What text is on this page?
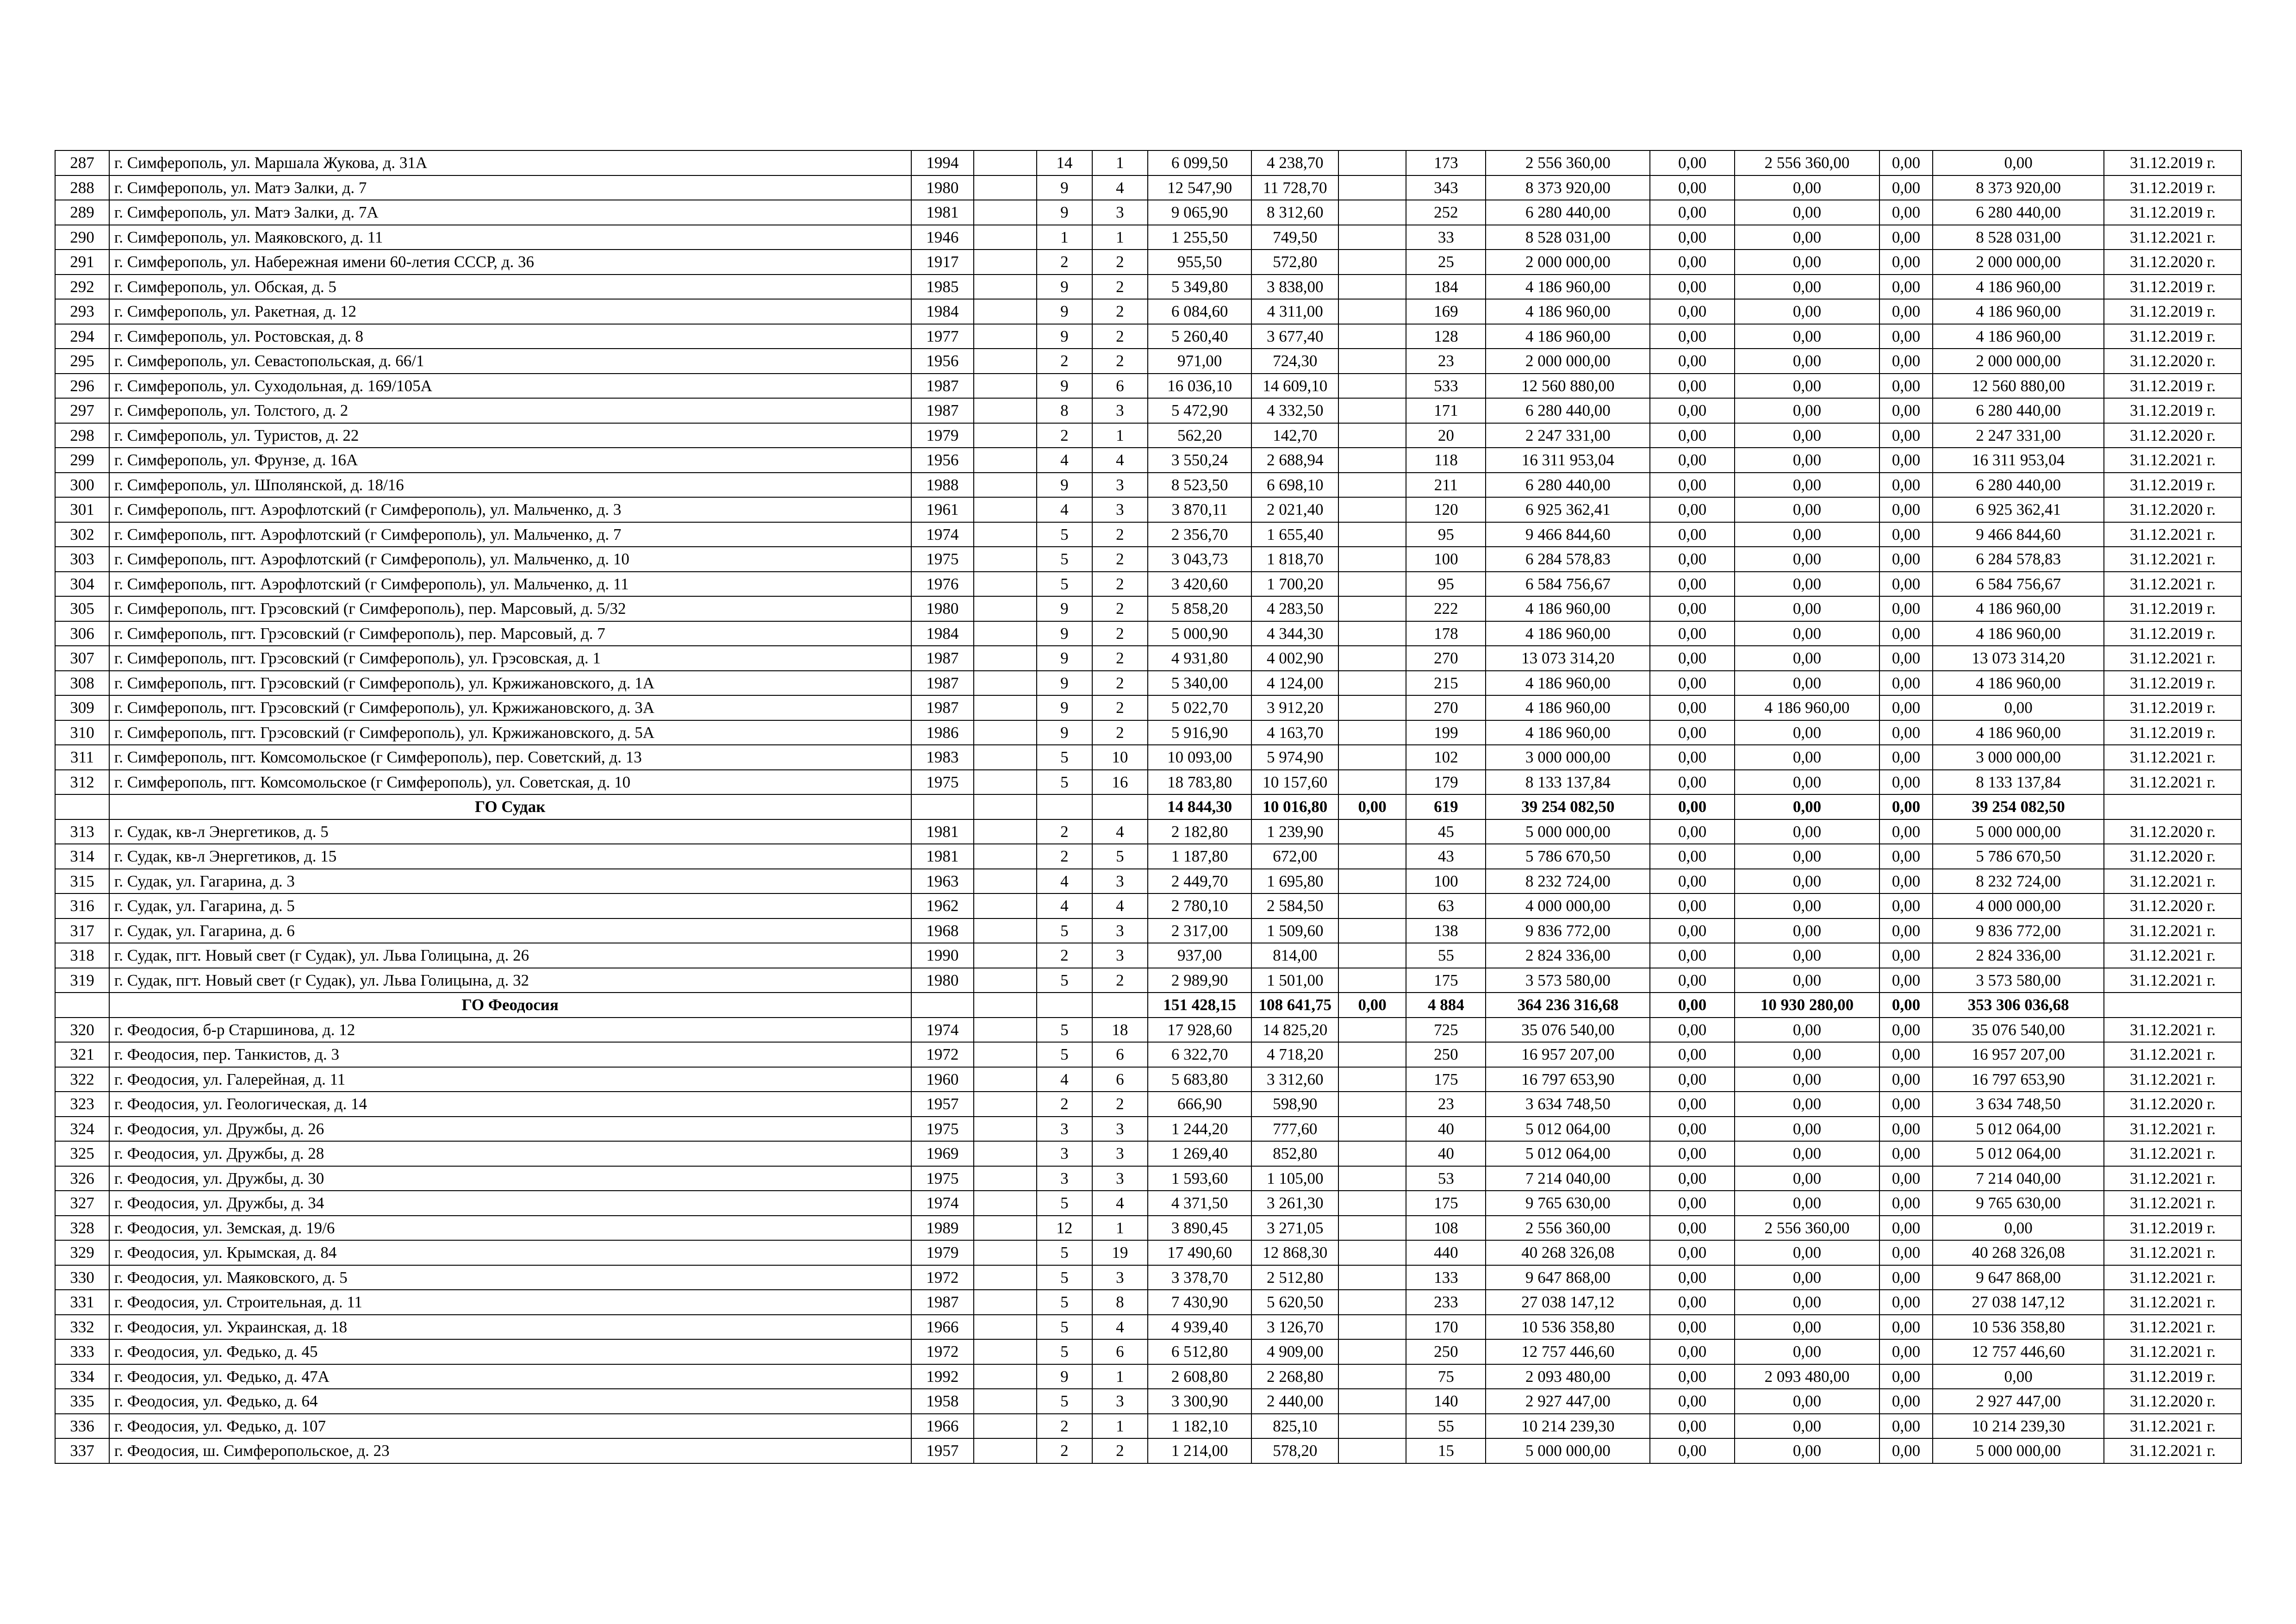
287	г. Симферополь, ул. Маршала Жукова, д. 31А	1994		14	1	6 099,50	4 238,70		173	2 556 360,00	0,00	2 556 360,00	0,00	0,00	31.12.2019 г.
288	г. Симферополь, ул. Матэ Залки, д. 7	1980		9	4	12 547,90	11 728,70		343	8 373 920,00	0,00	0,00	0,00	8 373 920,00	31.12.2019 г.
289	г. Симферополь, ул. Матэ Залки, д. 7А	1981		9	3	9 065,90	8 312,60		252	6 280 440,00	0,00	0,00	0,00	6 280 440,00	31.12.2019 г.
290	г. Симферополь, ул. Маяковского, д. 11	1946		1	1	1 255,50	749,50		33	8 528 031,00	0,00	0,00	0,00	8 528 031,00	31.12.2021 г.
291	г. Симферополь, ул. Набережная имени 60-летия СССР, д. 36	1917		2	2	955,50	572,80		25	2 000 000,00	0,00	0,00	0,00	2 000 000,00	31.12.2020 г.
292	г. Симферополь, ул. Обская, д. 5	1985		9	2	5 349,80	3 838,00		184	4 186 960,00	0,00	0,00	0,00	4 186 960,00	31.12.2019 г.
293	г. Симферополь, ул. Ракетная, д. 12	1984		9	2	6 084,60	4 311,00		169	4 186 960,00	0,00	0,00	0,00	4 186 960,00	31.12.2019 г.
294	г. Симферополь, ул. Ростовская, д. 8	1977		9	2	5 260,40	3 677,40		128	4 186 960,00	0,00	0,00	0,00	4 186 960,00	31.12.2019 г.
295	г. Симферополь, ул. Севастопольская, д. 66/1	1956		2	2	971,00	724,30		23	2 000 000,00	0,00	0,00	0,00	2 000 000,00	31.12.2020 г.
296	г. Симферополь, ул. Суходольная, д. 169/105А	1987		9	6	16 036,10	14 609,10		533	12 560 880,00	0,00	0,00	0,00	12 560 880,00	31.12.2019 г.
297	г. Симферополь, ул. Толстого, д. 2	1987		8	3	5 472,90	4 332,50		171	6 280 440,00	0,00	0,00	0,00	6 280 440,00	31.12.2019 г.
298	г. Симферополь, ул. Туристов, д. 22	1979		2	1	562,20	142,70		20	2 247 331,00	0,00	0,00	0,00	2 247 331,00	31.12.2020 г.
299	г. Симферополь, ул. Фрунзе, д. 16А	1956		4	4	3 550,24	2 688,94		118	16 311 953,04	0,00	0,00	0,00	16 311 953,04	31.12.2021 г.
300	г. Симферополь, ул. Шполянской, д. 18/16	1988		9	3	8 523,50	6 698,10		211	6 280 440,00	0,00	0,00	0,00	6 280 440,00	31.12.2019 г.
301	г. Симферополь, пгт. Аэрофлотский (г Симферополь), ул. Мальченко, д. 3	1961		4	3	3 870,11	2 021,40		120	6 925 362,41	0,00	0,00	0,00	6 925 362,41	31.12.2020 г.
302	г. Симферополь, пгт. Аэрофлотский (г Симферополь), ул. Мальченко, д. 7	1974		5	2	2 356,70	1 655,40		95	9 466 844,60	0,00	0,00	0,00	9 466 844,60	31.12.2021 г.
303	г. Симферополь, пгт. Аэрофлотский (г Симферополь), ул. Мальченко, д. 10	1975		5	2	3 043,73	1 818,70		100	6 284 578,83	0,00	0,00	0,00	6 284 578,83	31.12.2021 г.
304	г. Симферополь, пгт. Аэрофлотский (г Симферополь), ул. Мальченко, д. 11	1976		5	2	3 420,60	1 700,20		95	6 584 756,67	0,00	0,00	0,00	6 584 756,67	31.12.2021 г.
305	г. Симферополь, пгт. Грэсовский (г Симферополь), пер. Марсовый, д. 5/32	1980		9	2	5 858,20	4 283,50		222	4 186 960,00	0,00	0,00	0,00	4 186 960,00	31.12.2019 г.
306	г. Симферополь, пгт. Грэсовский (г Симферополь), пер. Марсовый, д. 7	1984		9	2	5 000,90	4 344,30		178	4 186 960,00	0,00	0,00	0,00	4 186 960,00	31.12.2019 г.
307	г. Симферополь, пгт. Грэсовский (г Симферополь), ул. Грэсовская, д. 1	1987		9	2	4 931,80	4 002,90		270	13 073 314,20	0,00	0,00	0,00	13 073 314,20	31.12.2021 г.
308	г. Симферополь, пгт. Грэсовский (г Симферополь), ул. Кржижановского, д. 1А	1987		9	2	5 340,00	4 124,00		215	4 186 960,00	0,00	0,00	0,00	4 186 960,00	31.12.2019 г.
309	г. Симферополь, пгт. Грэсовский (г Симферополь), ул. Кржижановского, д. 3А	1987		9	2	5 022,70	3 912,20		270	4 186 960,00	0,00	4 186 960,00	0,00	0,00	31.12.2019 г.
310	г. Симферополь, пгт. Грэсовский (г Симферополь), ул. Кржижановского, д. 5А	1986		9	2	5 916,90	4 163,70		199	4 186 960,00	0,00	0,00	0,00	4 186 960,00	31.12.2019 г.
311	г. Симферополь, пгт. Комсомольское (г Симферополь), пер. Советский, д. 13	1983		5	10	10 093,00	5 974,90		102	3 000 000,00	0,00	0,00	0,00	3 000 000,00	31.12.2021 г.
312	г. Симферополь, пгт. Комсомольское (г Симферополь), ул. Советская, д. 10	1975		5	16	18 783,80	10 157,60		179	8 133 137,84	0,00	0,00	0,00	8 133 137,84	31.12.2021 г.
	ГО Судак					14 844,30	10 016,80	0,00	619	39 254 082,50	0,00	0,00	0,00	39 254 082,50	
313	г. Судак, кв-л Энергетиков, д. 5	1981		2	4	2 182,80	1 239,90		45	5 000 000,00	0,00	0,00	0,00	5 000 000,00	31.12.2020 г.
314	г. Судак, кв-л Энергетиков, д. 15	1981		2	5	1 187,80	672,00		43	5 786 670,50	0,00	0,00	0,00	5 786 670,50	31.12.2020 г.
315	г. Судак, ул. Гагарина, д. 3	1963		4	3	2 449,70	1 695,80		100	8 232 724,00	0,00	0,00	0,00	8 232 724,00	31.12.2021 г.
316	г. Судак, ул. Гагарина, д. 5	1962		4	4	2 780,10	2 584,50		63	4 000 000,00	0,00	0,00	0,00	4 000 000,00	31.12.2020 г.
317	г. Судак, ул. Гагарина, д. 6	1968		5	3	2 317,00	1 509,60		138	9 836 772,00	0,00	0,00	0,00	9 836 772,00	31.12.2021 г.
318	г. Судак, пгт. Новый свет (г Судак), ул. Льва Голицына, д. 26	1990		2	3	937,00	814,00		55	2 824 336,00	0,00	0,00	0,00	2 824 336,00	31.12.2021 г.
319	г. Судак, пгт. Новый свет (г Судак), ул. Льва Голицына, д. 32	1980		5	2	2 989,90	1 501,00		175	3 573 580,00	0,00	0,00	0,00	3 573 580,00	31.12.2021 г.
	ГО Феодосия					151 428,15	108 641,75	0,00	4 884	364 236 316,68	0,00	10 930 280,00	0,00	353 306 036,68	
320	г. Феодосия, б-р Старшинова, д. 12	1974		5	18	17 928,60	14 825,20		725	35 076 540,00	0,00	0,00	0,00	35 076 540,00	31.12.2021 г.
321	г. Феодосия, пер. Танкистов, д. 3	1972		5	6	6 322,70	4 718,20		250	16 957 207,00	0,00	0,00	0,00	16 957 207,00	31.12.2021 г.
322	г. Феодосия, ул. Галерейная, д. 11	1960		4	6	5 683,80	3 312,60		175	16 797 653,90	0,00	0,00	0,00	16 797 653,90	31.12.2021 г.
323	г. Феодосия, ул. Геологическая, д. 14	1957		2	2	666,90	598,90		23	3 634 748,50	0,00	0,00	0,00	3 634 748,50	31.12.2020 г.
324	г. Феодосия, ул. Дружбы, д. 26	1975		3	3	1 244,20	777,60		40	5 012 064,00	0,00	0,00	0,00	5 012 064,00	31.12.2021 г.
325	г. Феодосия, ул. Дружбы, д. 28	1969		3	3	1 269,40	852,80		40	5 012 064,00	0,00	0,00	0,00	5 012 064,00	31.12.2021 г.
326	г. Феодосия, ул. Дружбы, д. 30	1975		3	3	1 593,60	1 105,00		53	7 214 040,00	0,00	0,00	0,00	7 214 040,00	31.12.2021 г.
327	г. Феодосия, ул. Дружбы, д. 34	1974		5	4	4 371,50	3 261,30		175	9 765 630,00	0,00	0,00	0,00	9 765 630,00	31.12.2021 г.
328	г. Феодосия, ул. Земская, д. 19/6	1989		12	1	3 890,45	3 271,05		108	2 556 360,00	0,00	2 556 360,00	0,00	0,00	31.12.2019 г.
329	г. Феодосия, ул. Крымская, д. 84	1979		5	19	17 490,60	12 868,30		440	40 268 326,08	0,00	0,00	0,00	40 268 326,08	31.12.2021 г.
330	г. Феодосия, ул. Маяковского, д. 5	1972		5	3	3 378,70	2 512,80		133	9 647 868,00	0,00	0,00	0,00	9 647 868,00	31.12.2021 г.
331	г. Феодосия, ул. Строительная, д. 11	1987		5	8	7 430,90	5 620,50		233	27 038 147,12	0,00	0,00	0,00	27 038 147,12	31.12.2021 г.
332	г. Феодосия, ул. Украинская, д. 18	1966		5	4	4 939,40	3 126,70		170	10 536 358,80	0,00	0,00	0,00	10 536 358,80	31.12.2021 г.
333	г. Феодосия, ул. Федько, д. 45	1972		5	6	6 512,80	4 909,00		250	12 757 446,60	0,00	0,00	0,00	12 757 446,60	31.12.2021 г.
334	г. Феодосия, ул. Федько, д. 47А	1992		9	1	2 608,80	2 268,80		75	2 093 480,00	0,00	2 093 480,00	0,00	0,00	31.12.2019 г.
335	г. Феодосия, ул. Федько, д. 64	1958		5	3	3 300,90	2 440,00		140	2 927 447,00	0,00	0,00	0,00	2 927 447,00	31.12.2020 г.
336	г. Феодосия, ул. Федько, д. 107	1966		2	1	1 182,10	825,10		55	10 214 239,30	0,00	0,00	0,00	10 214 239,30	31.12.2021 г.
337	г. Феодосия, ш. Симферопольское, д. 23	1957		2	2	1 214,00	578,20		15	5 000 000,00	0,00	0,00	0,00	5 000 000,00	31.12.2021 г.
